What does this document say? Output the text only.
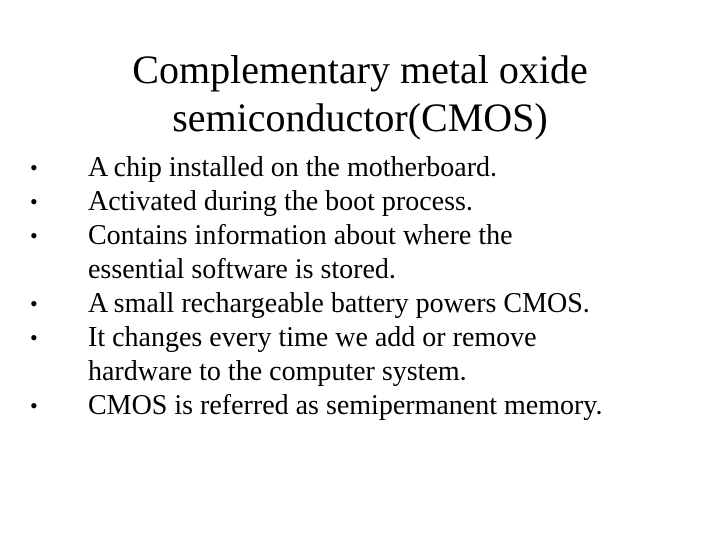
Complementary metal oxide
semiconductor(CMOS)
•	A chip installed on the motherboard.
•	Activated during the boot process.
•	Contains information about where the
essential software is stored.
•	A small rechargeable battery powers CMOS.
•	It changes every time we add or remove
hardware to the computer system.
•	CMOS is referred as semipermanent memory.
